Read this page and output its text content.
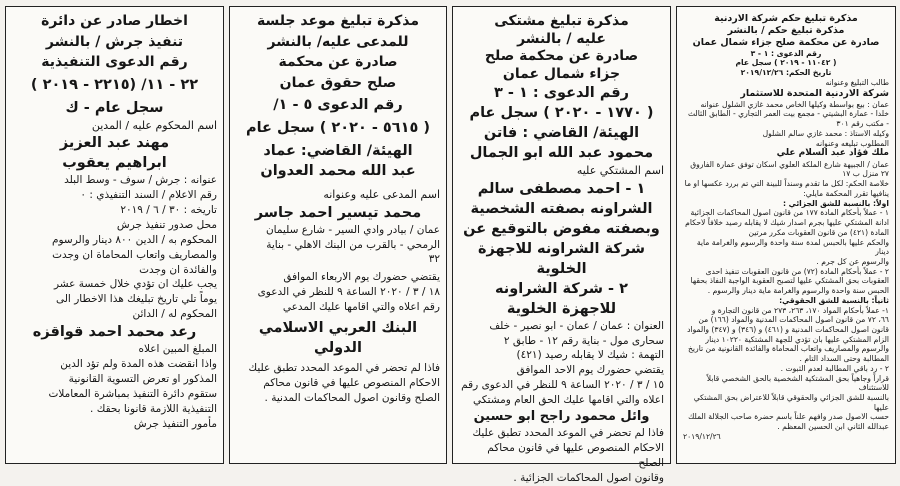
مذكرة تبليغ حكم شركة الاردنية

مذكرة تبليغ حكم / بالنشر

صادرة عن محكمة صلح جزاء شمال عمان

رقم الدعوى : ١ - ٣

( ١١٠٤٢ - ٢٠١٩ ) سجل عام

تاريخ الحكم: ٢٠١٩/١٢/٢٦

طالب التبليغ وعنوانه

شركة الاردنية المتحدة للاستثمار

عمان : بيع بواسطة وكيلها الخاص محمد غازي الشلول عنوانه

خلدا - عمارة البشيتي - مجمع بيت العمر التجاري - الطابق الثالث

- مكتب رقم ٣٠١

وكيله الاستاذ : محمد غازي سالم الشلول

المطلوب تبليغه وعنوانه

ملك فؤاد عبد السلام علي

عمان / الجبيهة شارع الملكة العلوي اسكان توفق عمارة الفاروق

٢٧ منزل ب ١٧

خلاصة الحكم: لكل ما تقدم وسنداً للبينة التي تم بررد عكسها او ما

ينافيها تقرر المحكمة مايلي:

اولاً: بالنسبة للشق الجزائي :

١ - عملاً بأحكام المادة ١٧٧ من قانون اصول المحاكمات الجزائية

ادانة المشتكي عليها بجرم اصدار شيك لا يقابله رصيد خلافاً لاحكام

المادة (٤٢١) من قانون العقوبات مكرر مرتين

والحكم عليها بالحبس لمدة سنة واحدة والرسوم والغرامة ماية دينار

والرسوم عن كل جرم .

٢ - عملاً بأحكام المادة (٧٢) من قانون العقوبات تنفيذ احدى

العقوبات بحق المشتكي عليها لتصبح العقوبة الواجبة النفاذ بحقها

الحبس سنة واحدة والرسوم والغرامة ماية دينار والرسوم .

ثانياً: بالنسبة للشق الحقوقي:

١- عملاً بأحكام المواد ١٧٠، ٢٦٣، ٢٧٣ من قانون التجارة و

٦٦، ٧٢ من قانون اصول المحاكمات المدنية والمواد (١٦٦) من

قانون اصول المحاكمات المدنية و (٤٦١) و (٣٤٦) و (٣٤٧) والمواد

الزام المشتكي عليها بان تؤدي للجهة المشتكية ١٠٢٢٠ دينار

والرسوم والمصاريف واتعاب المحاماة والفائدة القانونية من تاريخ

المطالبة وحتى السداد التام .

٢ - رد باقي المطالبة لعدم الثبوت .

قراراً وجاهياً بحق المشتكية الشخصية بالحق الشخصي قابلاً للاستئناف

بالنسبة للشق الجزائي والحقوقي قابلاً للاعتراض بحق المشتكي عليها

حسب الاصول صدر وافهم علناً باسم حضرة صاحب الجلالة الملك عبدالله الثاني ابن الحسين المعظم .

٢٠١٩/١٢/٢٦

مذكرة تبليغ مشتكى

عليه / بالنشر

صادرة عن محكمة صلح

جزاء شمال عمان

رقم الدعوى : ١ - ٣

( ١٧٧٠ - ٢٠٢٠ ) سجل عام

الهيئة/ القاضي : فاتن

محمود عبد الله ابو الجمال

اسم المشتكي عليه

١ - احمد مصطفى سالم

الشراونه بصفته الشخصية

وبصفته مفوض بالتوقيع عن

شركة الشراونه للاجهزة الخلوية

٢ - شركة الشراونه

للاجهزة الخلوية

العنوان : عمان / عمان - ابو نصير - خلف

سحارى مول - بناية رقم ١٢ - طابق ٢

التهمة : شيك لا يقابله رصيد (٤٢١)

يقتضي حضورك يوم الاحد الموافق

١٥ / ٣ / ٢٠٢٠ الساعة ٩ للنظر في الدعوى رقم

اعلاه والتي اقامها عليك الحق العام ومشتكي

وائل محمود راجح ابو حسين

فاذا لم تحضر في الموعد المحدد تطبق عليك

الاحكام المنصوص عليها في قانون محاكم الصلح

وقانون اصول المحاكمات الجزائية .

مذكرة تبليغ موعد جلسة

للمدعى عليه/ بالنشر

صادرة عن محكمة

صلح حقوق عمان

رقم الدعوى ٥ - ١/

( ٥٦١٥ - ٢٠٢٠ ) سجل عام

الهيئة/ القاضي: عماد

عبد الله محمد العدوان

اسم المدعى عليه وعنوانه

محمد تيسير احمد جاسر

عمان / بيادر وادي السير - شارع سليمان

الرمحي - بالقرب من البنك الاهلي - بناية

٣٢

يقتضي حضورك يوم الاربعاء الموافق

١٨ / ٣ / ٢٠٢٠ الساعة ٩ للنظر في الدعوى

رقم اعلاه والتي اقامها عليك المدعي

البنك العربي الاسلامي الدولي

فاذا لم تحضر في الموعد المحدد تطبق عليك

الاحكام المنصوص عليها في قانون محاكم

الصلح وقانون اصول المحاكمات المدنية .

اخطار صادر عن دائرة

تنفيذ جرش / بالنشر

رقم الدعوى التنفيذية

٢٢ - ١١/ (٢٢١٥ - ٢٠١٩ )

سجل عام - ك

اسم المحكوم عليه / المدين

مهند عبد العزيز

ابراهيم يعقوب

عنوانه : جرش / سوف - وسط البلد

رقم الاعلام / السند التنفيذي : ٠

تاريخه : ٣٠ / ٦ / ٢٠١٩

محل صدور تنفيذ جرش

المحكوم به / الدين ٨٠٠ دينار والرسوم

والمصاريف واتعاب المحاماة ان وجدت

والفائدة ان وجدت

يجب عليك ان تؤدي خلال خمسة عشر

يوماً تلي تاريخ تبليغك هذا الاخطار الى

المحكوم له / الدائن

رعد محمد احمد قواقزه

المبلغ المبين اعلاه

واذا انقضت هذه المدة ولم تؤد الدين

المذكور او تعرض التسوية القانونية

ستقوم دائرة التنفيذ بمباشرة المعاملات

التنفيذية اللازمة قانونا بحقك .

مأمور التنفيذ جرش
